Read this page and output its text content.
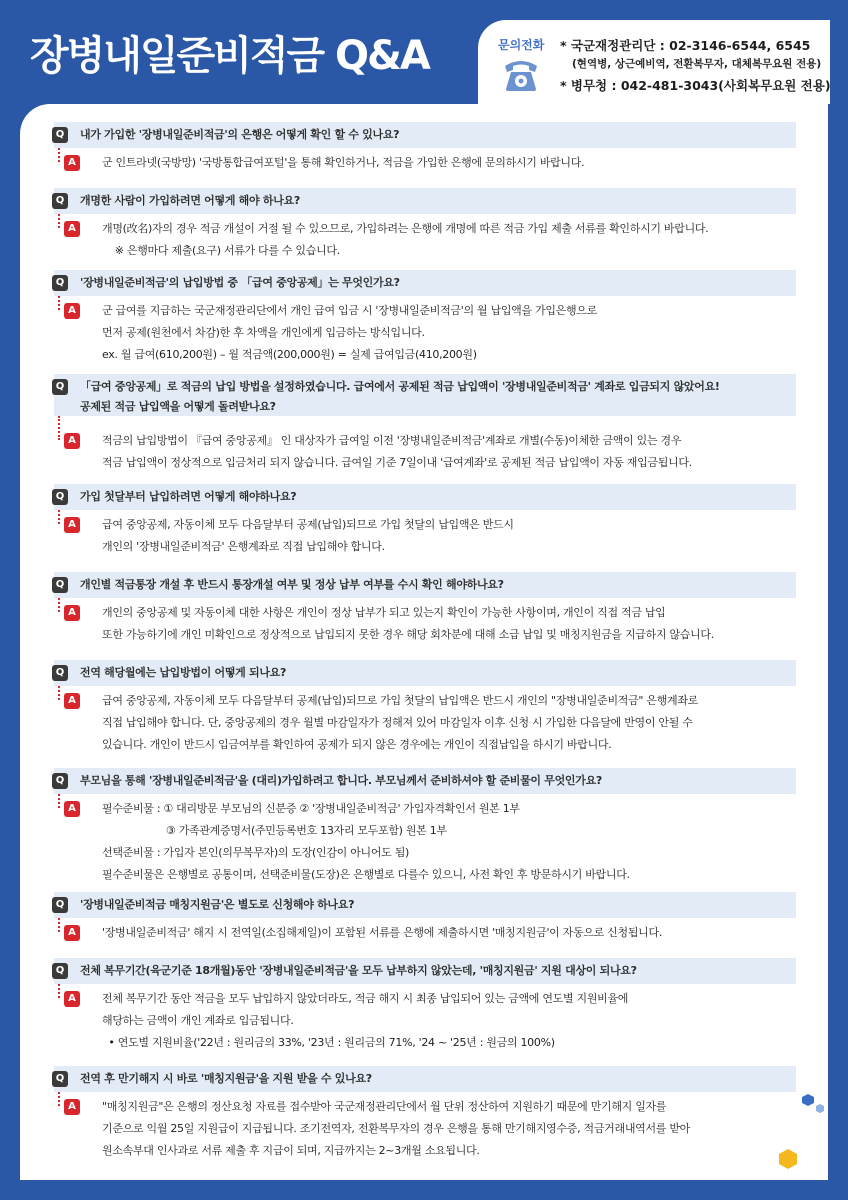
장병내일준비적금 Q&A	문의전화 * 국군재정관리단 : 02-3146-6544, 6545
(현역병, 상근예비역, 전환복무자, 대체복무요원 전용)
* 병무청 : 042-481-3043(사회복무요원 전용)
Q	내가 가입한 '장병내일준비적금'의 은행은 어떻게 확인 할 수 있나요?
A	군 인트라넷(국방망) '국방통합급여포털'을 통해 확인하거나, 적금을 가입한 은행에 문의하시기 바랍니다.
Q	개명한 사람이 가입하려면 어떻게 해야 하나요?
A	개명(改名)자의 경우 적금 개설이 거절 될 수 있으므로, 가입하려는 은행에 개명에 따른 적금 가입 제출 서류를 확인하시기 바랍니다.
※ 은행마다 제출(요구) 서류가 다를 수 있습니다.
Q	'장병내일준비적금'의 납입방법 중 「급여 중앙공제」는 무엇인가요?
A	군 급여를 지급하는 국군재정관리단에서 개인 급여 입금 시 '장병내일준비적금'의 월 납입액을 가입은행으로
먼저 공제(원천에서 차감)한 후 차액을 개인에게 입금하는 방식입니다.
ex. 월 급여(610,200원) – 월 적금액(200,000원) = 실제 급여입금(410,200원)
Q	「급여 중앙공제」로 적금의 납입 방법을 설정하였습니다. 급여에서 공제된 적금 납입액이 '장병내일준비적금' 계좌로 입금되지 않았어요!
공제된 적금 납입액을 어떻게 돌려받나요?
A	적금의 납입방법이 『급여 중앙공제』 인 대상자가 급여일 이전 '장병내일준비적금'계좌로 개별(수동)이체한 금액이 있는 경우
적금 납입액이 정상적으로 입금처리 되지 않습니다. 급여일 기준 7일이내 '급여계좌'로 공제된 적금 납입액이 자동 재입금됩니다.
Q	가입 첫달부터 납입하려면 어떻게 해야하나요?
A	급여 중앙공제, 자동이체 모두 다음달부터 공제(납입)되므로 가입 첫달의 납입액은 반드시
개인의 '장병내일준비적금' 은행계좌로 직접 납입해야 합니다.
Q	개인별 적금통장 개설 후 반드시 통장개설 여부 및 정상 납부 여부를 수시 확인 해야하나요?
A	개인의 중앙공제 및 자동이체 대한 사항은 개인이 정상 납부가 되고 있는지 확인이 가능한 사항이며, 개인이 직접 적금 납입
또한 가능하기에 개인 미확인으로 정상적으로 납입되지 못한 경우 해당 회차분에 대해 소급 납입 및 매칭지원금을 지급하지 않습니다.
Q	전역 해당월에는 납입방법이 어떻게 되나요?
A	급여 중앙공제, 자동이체 모두 다음달부터 공제(납입)되므로 가입 첫달의 납입액은 반드시 개인의 "장병내일준비적금" 은행계좌로
직접 납입해야 합니다. 단, 중앙공제의 경우 월별 마감일자가 정해져 있어 마감일자 이후 신청 시 가입한 다음달에 반영이 안될 수
있습니다. 개인이 반드시 입금여부를 확인하여 공제가 되지 않은 경우에는 개인이 직접납입을 하시기 바랍니다.
Q	부모님을 통해 '장병내일준비적금'을 (대리)가입하려고 합니다. 부모님께서 준비하셔야 할 준비물이 무엇인가요?
A	필수준비물 : ① 대리방문 부모님의 신분증 ② '장병내일준비적금' 가입자격확인서 원본 1부
③ 가족관계증명서(주민등록번호 13자리 모두포함) 원본 1부
선택준비물 : 가입자 본인(의무복무자)의 도장(인감이 아니어도 됨)
필수준비물은 은행별로 공통이며, 선택준비물(도장)은 은행별로 다를수 있으니, 사전 확인 후 방문하시기 바랍니다.
Q	'장병내일준비적금 매칭지원금'은 별도로 신청해야 하나요?
A	'장병내일준비적금' 해지 시 전역일(소집해제일)이 포함된 서류를 은행에 제출하시면 '매칭지원금'이 자동으로 신청됩니다.
Q	전체 복무기간(육군기준 18개월)동안 '장병내일준비적금'을 모두 납부하지 않았는데, '매칭지원금' 지원 대상이 되나요?
A	전체 복무기간 동안 적금을 모두 납입하지 않았더라도, 적금 해지 시 최종 납입되어 있는 금액에 연도별 지원비율에
해당하는 금액이 개인 계좌로 입금됩니다.
• 연도별 지원비율('22년 : 원리금의 33%, '23년 : 원리금의 71%, '24 ~ '25년 : 원금의 100%)
Q	전역 후 만기해지 시 바로 '매칭지원금'을 지원 받을 수 있나요?
A	"매칭지원금"은 은행의 정산요청 자료를 접수받아 국군재정관리단에서 월 단위 정산하여 지원하기 때문에 만기해지 일자를
기준으로 익월 25일 지원급이 지급됩니다. 조기전역자, 전환복무자의 경우 은행을 통해 만기해지영수증, 적금거래내역서를 받아
원소속부대 인사과로 서류 제출 후 지급이 되며, 지급까지는 2~3개월 소요됩니다.
